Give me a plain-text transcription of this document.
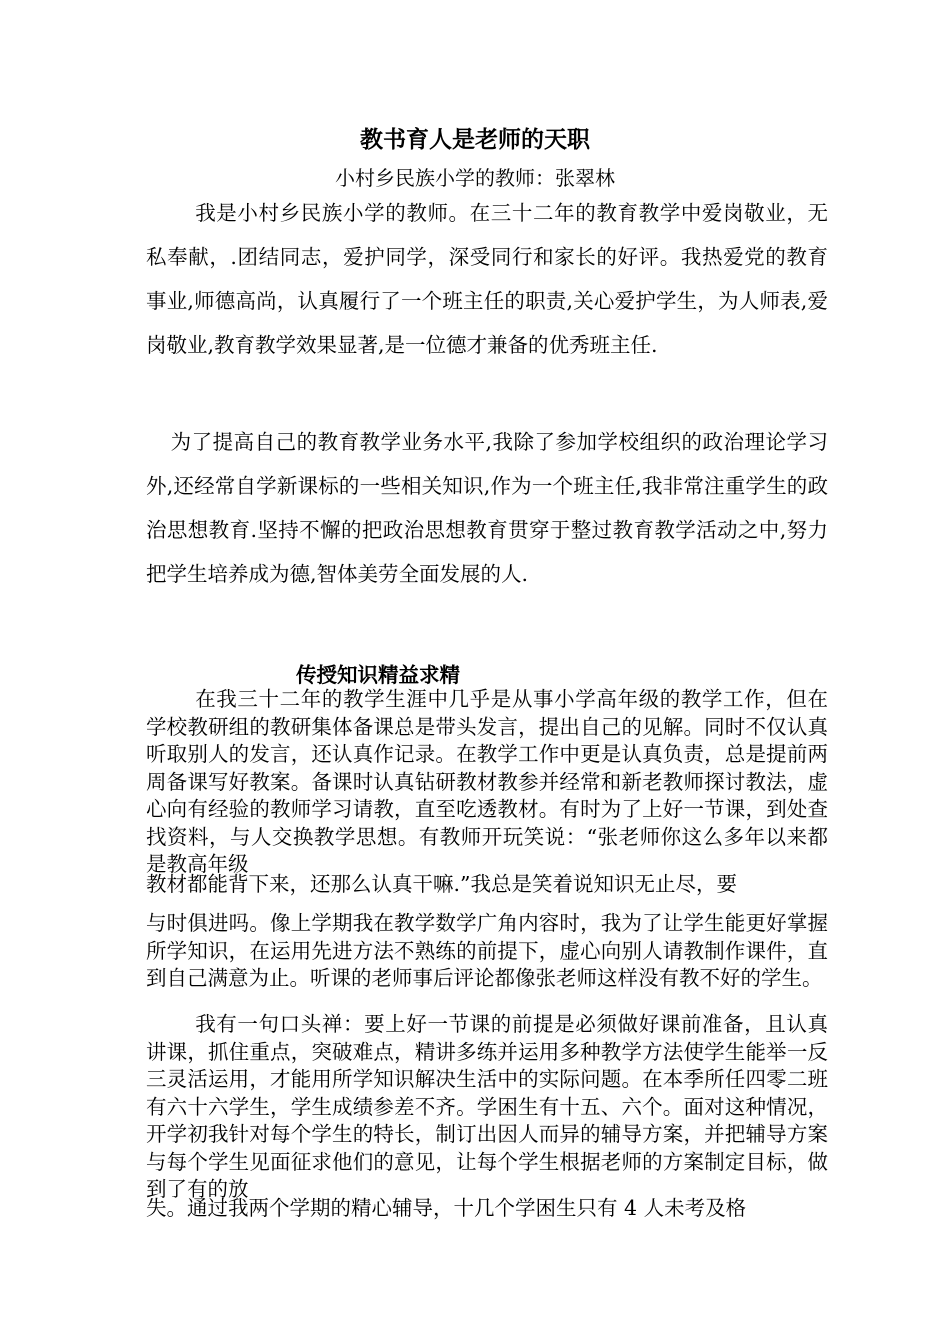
教书育人是老师的天职
小村乡民族小学的教师：张翠林

我是小村乡民族小学的教师。在三十二年的教育教学中爱岗敬业，无私奉献，.团结同志，爱护同学，深受同行和家长的好评。我热爱党的教育事业,师德高尚，认真履行了一个班主任的职责,关心爱护学生，为人师表,爱岗敬业,教育教学效果显著,是一位德才兼备的优秀班主任.

为了提高自己的教育教学业务水平,我除了参加学校组织的政治理论学习外,还经常自学新课标的一些相关知识,作为一个班主任,我非常注重学生的政治思想教育.坚持不懈的把政治思想教育贯穿于整过教育教学活动之中,努力把学生培养成为德,智体美劳全面发展的人.

传授知识精益求精

在我三十二年的教学生涯中几乎是从事小学高年级的教学工作，但在学校教研组的教研集体备课总是带头发言，提出自己的见解。同时不仅认真听取别人的发言，还认真作记录。在教学工作中更是认真负责，总是提前两周备课写好教案。备课时认真钻研教材教参并经常和新老教师探讨教法，虚心向有经验的教师学习请教，直至吃透教材。有时为了上好一节课，到处查找资料，与人交换教学思想。有教师开玩笑说：“张老师你这么多年以来都是教高年级

教材都能背下来，还那么认真干嘛.”我总是笑着说知识无止尽，要

与时俱进吗。像上学期我在教学数学广角内容时，我为了让学生能更好掌握所学知识，在运用先进方法不熟练的前提下，虚心向别人请教制作课件，直到自己满意为止。听课的老师事后评论都像张老师这样没有教不好的学生。

我有一句口头禅：要上好一节课的前提是必须做好课前准备，且认真讲课，抓住重点，突破难点，精讲多练并运用多种教学方法使学生能举一反三灵活运用，才能用所学知识解决生活中的实际问题。在本季所任四零二班有六十六学生，学生成绩参差不齐。学困生有十五、六个。面对这种情况，开学初我针对每个学生的特长，制订出因人而异的辅导方案，并把辅导方案与每个学生见面征求他们的意见，让每个学生根据老师的方案制定目标，做到了有的放

失。通过我两个学期的精心辅导，十几个学困生只有 4 人未考及格
